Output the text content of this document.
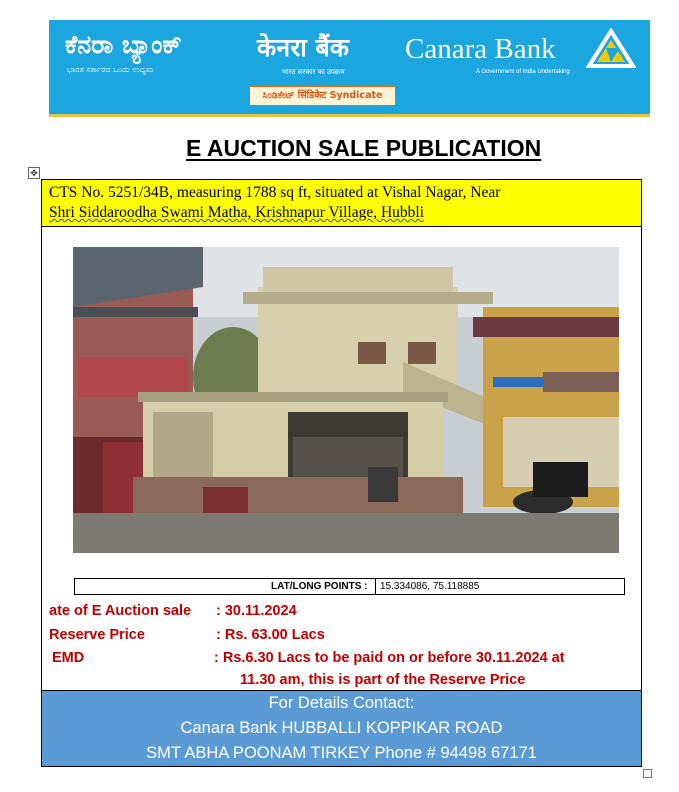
ಕೆನರಾ ಬ್ಯಾಂಕ್
ಭಾರತ ಸರ್ಕಾರದ ಒಂದು ಉದ್ಯಮ
केनरा बैंक
भारत सरकार का उपक्रम
Canara Bank
A Government of India Undertaking
ಸಿಂಡಿಕೇಟ್ सिंडिकेट Syndicate
E AUCTION SALE PUBLICATION
✥
CTS No. 5251/34B, measuring 1788 sq ft, situated at Vishal Nagar, Near
Shri Siddaroodha Swami Matha, Krishnapur Village, Hubbli
LAT/LONG POINTS : 15.334086, 75.118885
ate of E Auction sale : 30.11.2024
Reserve Price	: Rs. 63.00 Lacs
EMD	: Rs.6.30 Lacs to be paid on or before 30.11.2024 at
11.30 am, this is part of the Reserve Price
For Details Contact:
Canara Bank HUBBALLI KOPPIKAR ROAD
SMT ABHA POONAM TIRKEY Phone # 94498 67171
